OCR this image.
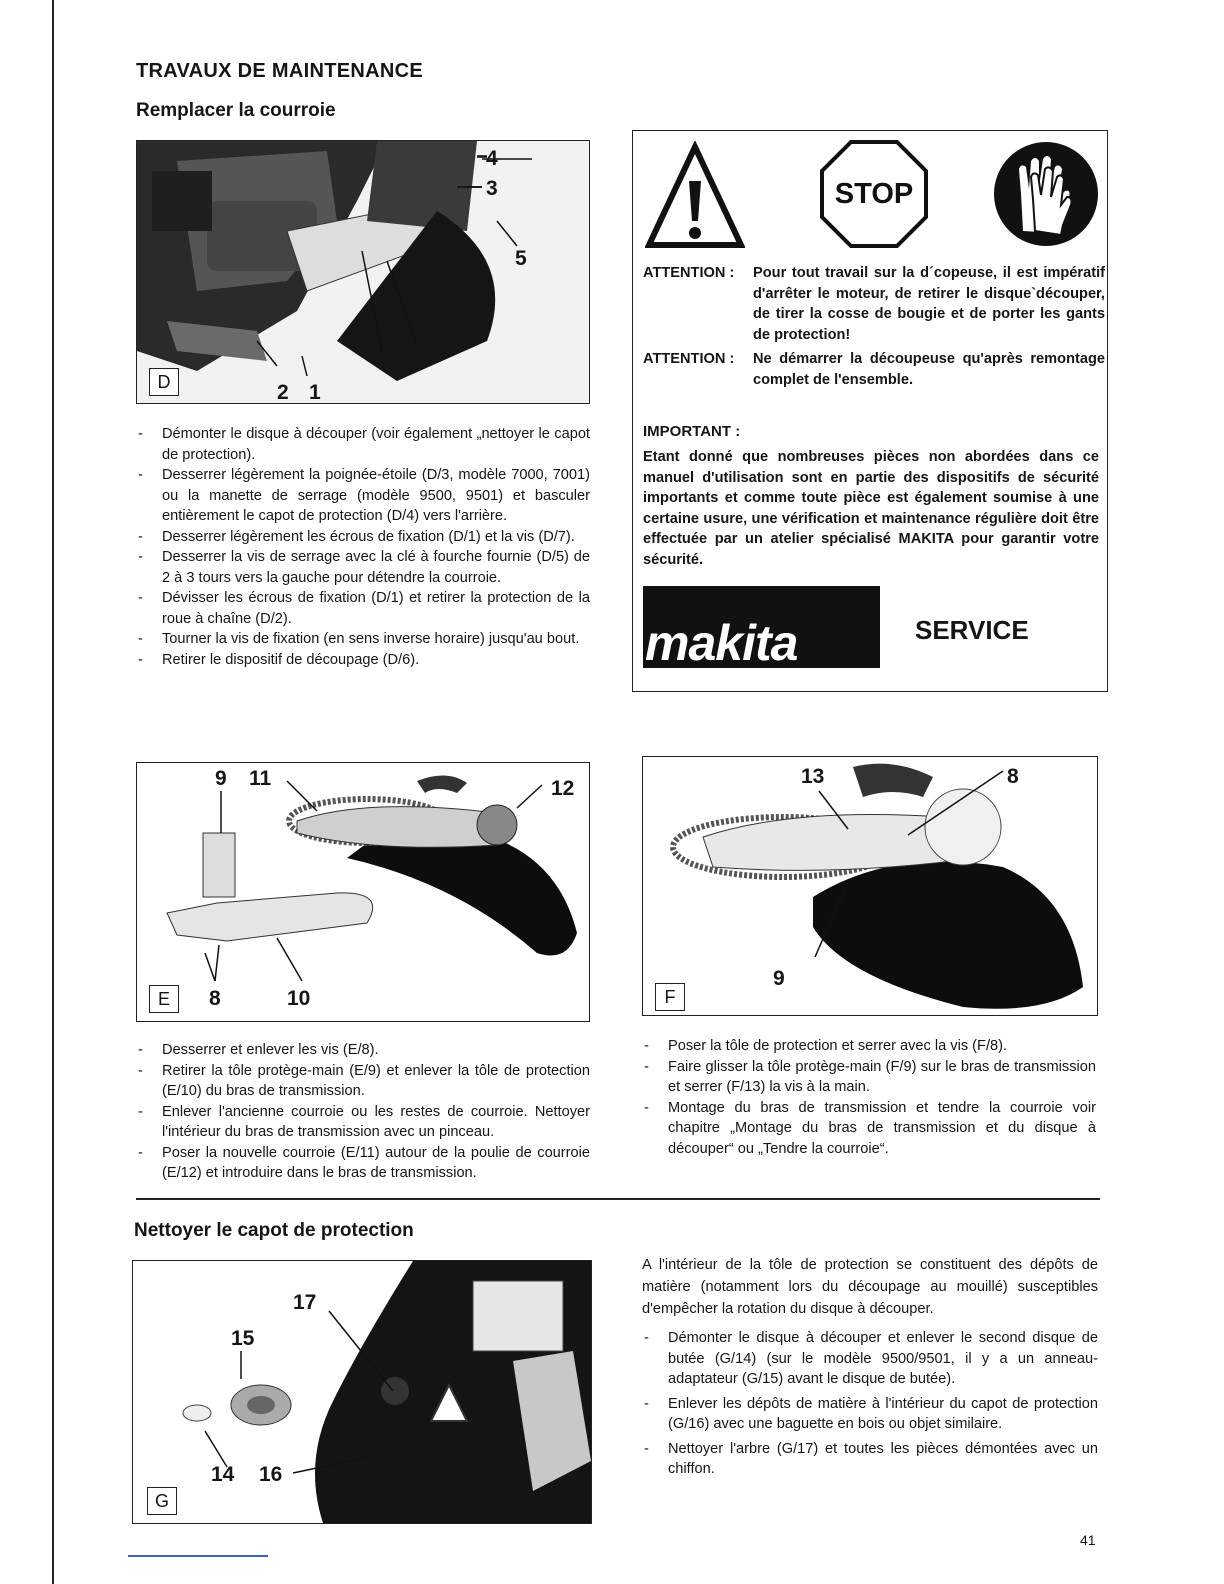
TRAVAUX DE MAINTENANCE
Remplacer la courroie
4
3
5
7 6
2 1
D
- Démonter le disque à découper (voir également „nettoyer le capot de protection).
- Desserrer légèrement la poignée-étoile (D/3, modèle 7000, 7001) ou la manette de serrage (modèle 9500, 9501) et basculer entièrement le capot de protection (D/4) vers l'arrière.
- Desserrer légèrement les écrous de fixation (D/1) et la vis (D/7).
- Desserrer la vis de serrage avec la clé à fourche fournie (D/5) de 2 à 3 tours vers la gauche pour détendre la courroie.
- Dévisser les écrous de fixation (D/1) et retirer la protection de la roue à chaîne (D/2).
- Tourner la vis de fixation (en sens inverse horaire) jusqu'au bout.
- Retirer le dispositif de découpage (D/6).
STOP
ATTENTION : Pour tout travail sur la d´copeuse, il est impératif d'arrêter le moteur, de retirer le disque`découper, de tirer la cosse de bougie et de porter les gants de protection!
ATTENTION : Ne démarrer la découpeuse qu'après remontage complet de l'ensemble.
IMPORTANT :
Etant donné que nombreuses pièces non abordées dans ce manuel d'utilisation sont en partie des dispositifs de sécurité importants et comme toute pièce est également soumise à une certaine usure, une vérification et maintenance régulière doit être effectuée par un atelier spécialisé MAKITA pour garantir votre sécurité.
makita	SERVICE
9 11	12
8	10
E
- Desserrer et enlever les vis (E/8).
- Retirer la tôle protège-main (E/9) et enlever la tôle de protection (E/10) du bras de transmission.
- Enlever l'ancienne courroie ou les restes de courroie. Nettoyer l'intérieur du bras de transmission avec un pinceau.
- Poser la nouvelle courroie (E/11) autour de la poulie de courroie (E/12) et introduire dans le bras de transmission.
13	8
9
F
- Poser la tôle de protection et serrer avec la vis (F/8).
- Faire glisser la tôle protège-main (F/9) sur le bras de transmission et serrer (F/13) la vis à la main.
- Montage du bras de transmission et tendre la courroie voir chapitre „Montage du bras de transmission et du disque à découper“ ou „Tendre la courroie“.
Nettoyer le capot de protection
17
15
14 16
G
A l'intérieur de la tôle de protection se constituent des dépôts de matière (notamment lors du découpage au mouillé) susceptibles d'empêcher la rotation du disque à découper.
- Démonter le disque à découper et enlever le second disque de butée (G/14) (sur le modèle 9500/9501, il y a un anneau-adaptateur (G/15) avant le disque de butée).
- Enlever les dépôts de matière à l'intérieur du capot de protection (G/16) avec une baguette en bois ou objet similaire.
- Nettoyer l'arbre (G/17) et toutes les pièces démontées avec un chiffon.
41
